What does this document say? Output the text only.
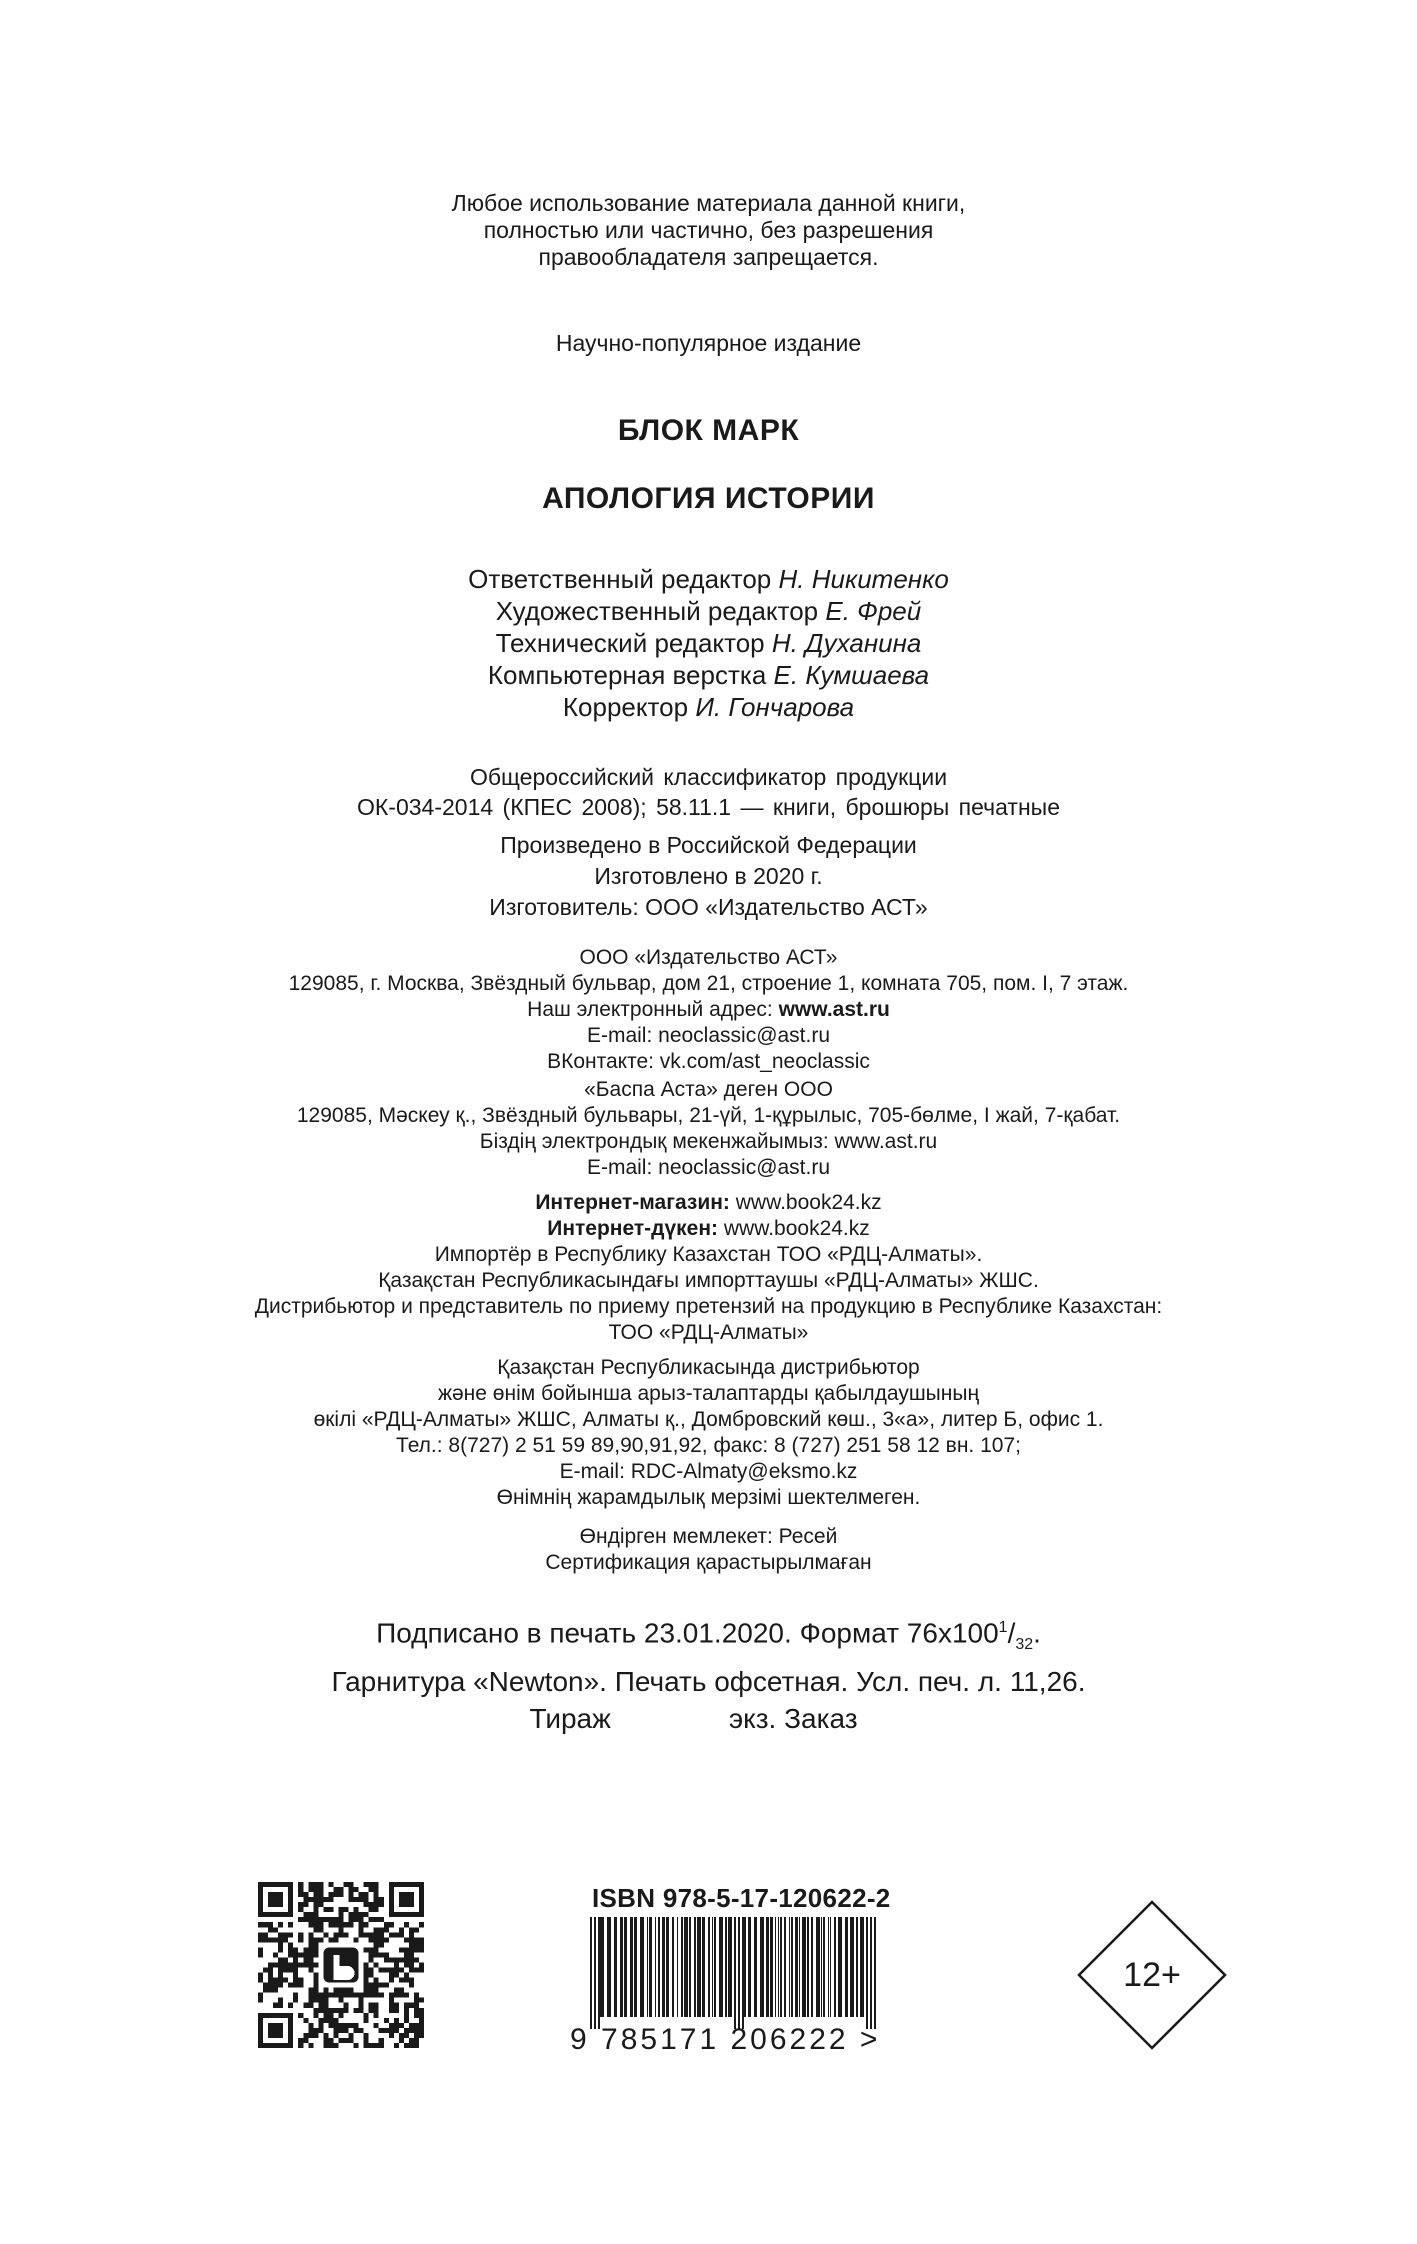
Любое использование материала данной книги,
полностью или частично, без разрешения
правообладателя запрещается.
Научно-популярное издание
БЛОК МАРК
АПОЛОГИЯ ИСТОРИИ
Ответственный редактор Н. Никитенко
Художественный редактор Е. Фрей
Технический редактор Н. Духанина
Компьютерная верстка Е. Кумшаева
Корректор И. Гончарова
Общероссийский классификатор продукции
ОК-034-2014 (КПЕС 2008); 58.11.1 — книги, брошюры печатные
Произведено в Российской Федерации
Изготовлено в 2020 г.
Изготовитель: ООО «Издательство АСТ»
ООО «Издательство АСТ»
129085, г. Москва, Звёздный бульвар, дом 21, строение 1, комната 705, пом. I, 7 этаж.
Наш электронный адрес: www.ast.ru
E-mail: neoclassic@ast.ru
ВКонтакте: vk.com/ast_neoclassic
«Баспа Аста» деген ООО
129085, Мәскеу қ., Звёздный бульвары, 21-үй, 1-құрылыс, 705-бөлме, I жай, 7-қабат.
Біздің электрондық мекенжайымыз: www.ast.ru
E-mail: neoclassic@ast.ru
Интернет-магазин: www.book24.kz
Интернет-дүкен: www.book24.kz
Импортёр в Республику Казахстан ТОО «РДЦ-Алматы».
Қазақстан Республикасындағы импорттаушы «РДЦ-Алматы» ЖШС.
Дистрибьютор и представитель по приему претензий на продукцию в Республике Казахстан:
ТОО «РДЦ-Алматы»
Қазақстан Республикасында дистрибьютор
және өнім бойынша арыз-талаптарды қабылдаушының
өкілі «РДЦ-Алматы» ЖШС, Алматы қ., Домбровский көш., 3«а», литер Б, офис 1.
Тел.: 8(727) 2 51 59 89,90,91,92, факс: 8 (727) 251 58 12 вн. 107;
E-mail: RDC-Almaty@eksmo.kz
Өнімнің жарамдылық мерзімі шектелмеген.
Өндірген мемлекет: Ресей
Сертификация қарастырылмаған
Подписано в печать 23.01.2020. Формат $76х100^1/_{32}$.
Гарнитура «Newton». Печать офсетная. Усл. печ. л. 11,26.
Тираж	экз. Заказ
ISBN 978-5-17-120622-2
9 785171 206222 >
12+
